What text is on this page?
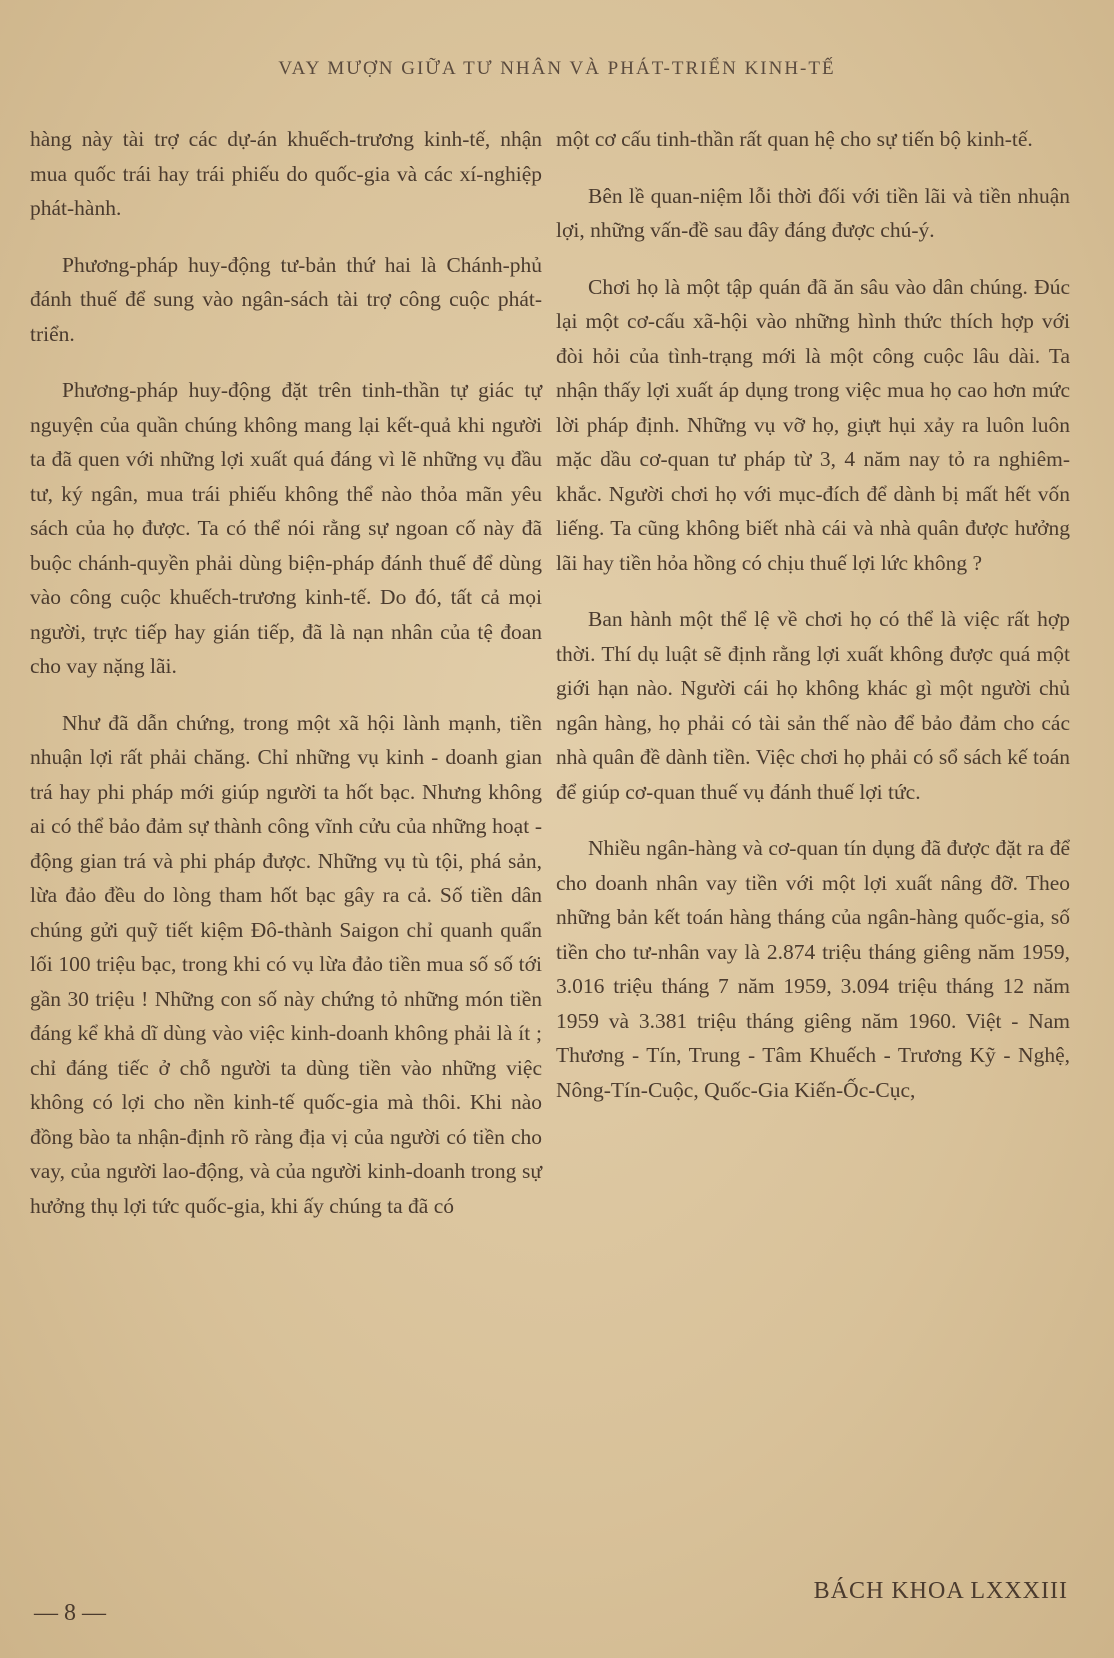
VAY MƯỢN GIỮA TƯ NHÂN VÀ PHÁT-TRIỂN KINH-TẾ

hàng này tài trợ các dự-án khuếch-trương kinh-tế, nhận mua quốc trái hay trái phiếu do quốc-gia và các xí-nghiệp phát-hành.

Phương-pháp huy-động tư-bản thứ hai là Chánh-phủ đánh thuế để sung vào ngân-sách tài trợ công cuộc phát-triển.

Phương-pháp huy-động đặt trên tinh-thần tự giác tự nguyện của quần chúng không mang lại kết-quả khi người ta đã quen với những lợi xuất quá đáng vì lẽ những vụ đầu tư, ký ngân, mua trái phiếu không thể nào thỏa mãn yêu sách của họ được. Ta có thể nói rằng sự ngoan cố này đã buộc chánh-quyền phải dùng biện-pháp đánh thuế để dùng vào công cuộc khuếch-trương kinh-tế. Do đó, tất cả mọi người, trực tiếp hay gián tiếp, đã là nạn nhân của tệ đoan cho vay nặng lãi.

Như đã dẫn chứng, trong một xã hội lành mạnh, tiền nhuận lợi rất phải chăng. Chỉ những vụ kinh - doanh gian trá hay phi pháp mới giúp người ta hốt bạc. Nhưng không ai có thể bảo đảm sự thành công vĩnh cửu của những hoạt - động gian trá và phi pháp được. Những vụ tù tội, phá sản, lừa đảo đều do lòng tham hốt bạc gây ra cả. Số tiền dân chúng gửi quỹ tiết kiệm Đô-thành Saigon chỉ quanh quẩn lối 100 triệu bạc, trong khi có vụ lừa đảo tiền mua số số tới gần 30 triệu ! Những con số này chứng tỏ những món tiền đáng kể khả dĩ dùng vào việc kinh-doanh không phải là ít ; chỉ đáng tiếc ở chỗ người ta dùng tiền vào những việc không có lợi cho nền kinh-tế quốc-gia mà thôi. Khi nào đồng bào ta nhận-định rõ ràng địa vị của người có tiền cho vay, của người lao-động, và của người kinh-doanh trong sự hưởng thụ lợi tức quốc-gia, khi ấy chúng ta đã có

một cơ cấu tinh-thần rất quan hệ cho sự tiến bộ kinh-tế.

Bên lề quan-niệm lỗi thời đối với tiền lãi và tiền nhuận lợi, những vấn-đề sau đây đáng được chú-ý.

Chơi họ là một tập quán đã ăn sâu vào dân chúng. Đúc lại một cơ-cấu xã-hội vào những hình thức thích hợp với đòi hỏi của tình-trạng mới là một công cuộc lâu dài. Ta nhận thấy lợi xuất áp dụng trong việc mua họ cao hơn mức lời pháp định. Những vụ vỡ họ, giựt hụi xảy ra luôn luôn mặc dầu cơ-quan tư pháp từ 3, 4 năm nay tỏ ra nghiêm-khắc. Người chơi họ với mục-đích để dành bị mất hết vốn liếng. Ta cũng không biết nhà cái và nhà quân được hưởng lãi hay tiền hỏa hồng có chịu thuế lợi lức không ?

Ban hành một thể lệ về chơi họ có thể là việc rất hợp thời. Thí dụ luật sẽ định rằng lợi xuất không được quá một giới hạn nào. Người cái họ không khác gì một người chủ ngân hàng, họ phải có tài sản thế nào để bảo đảm cho các nhà quân đề dành tiền. Việc chơi họ phải có sổ sách kế toán để giúp cơ-quan thuế vụ đánh thuế lợi tức.

Nhiều ngân-hàng và cơ-quan tín dụng đã được đặt ra để cho doanh nhân vay tiền với một lợi xuất nâng đỡ. Theo những bản kết toán hàng tháng của ngân-hàng quốc-gia, số tiền cho tư-nhân vay là 2.874 triệu tháng giêng năm 1959, 3.016 triệu tháng 7 năm 1959, 3.094 triệu tháng 12 năm 1959 và 3.381 triệu tháng giêng năm 1960. Việt - Nam Thương - Tín, Trung - Tâm Khuếch - Trương Kỹ - Nghệ, Nông-Tín-Cuộc, Quốc-Gia Kiến-Ốc-Cục,

— 8 —
BÁCH KHOA LXXXIII
